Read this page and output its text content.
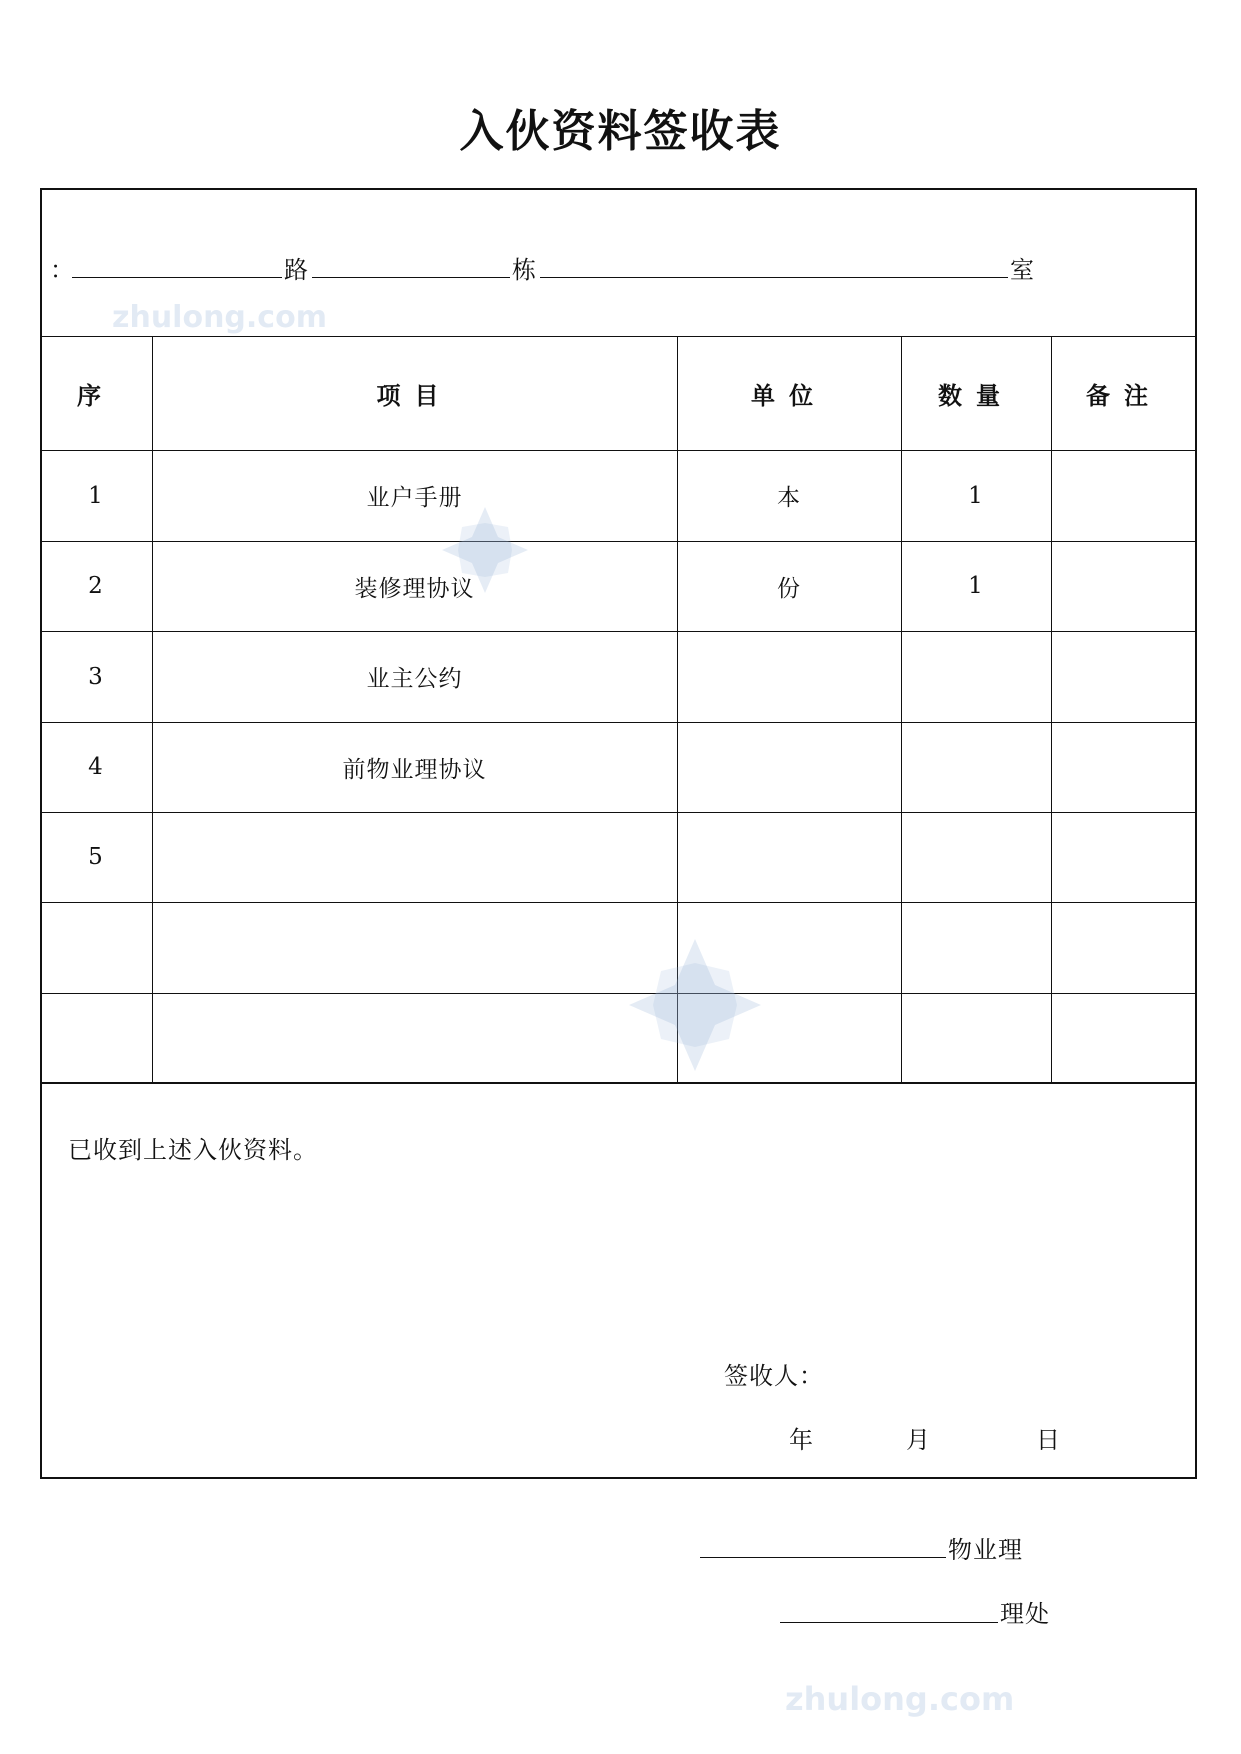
入伙资料签收表
：	路	栋	室
序	项目	单位	数量	备注
1	业户手册	本	1
2	装修理协议	份	1
3	业主公约
4	前物业理协议
5
已收到上述入伙资料。
签收人：
年	月	日
物业理
理处
zhulong.com
zhulong.com
